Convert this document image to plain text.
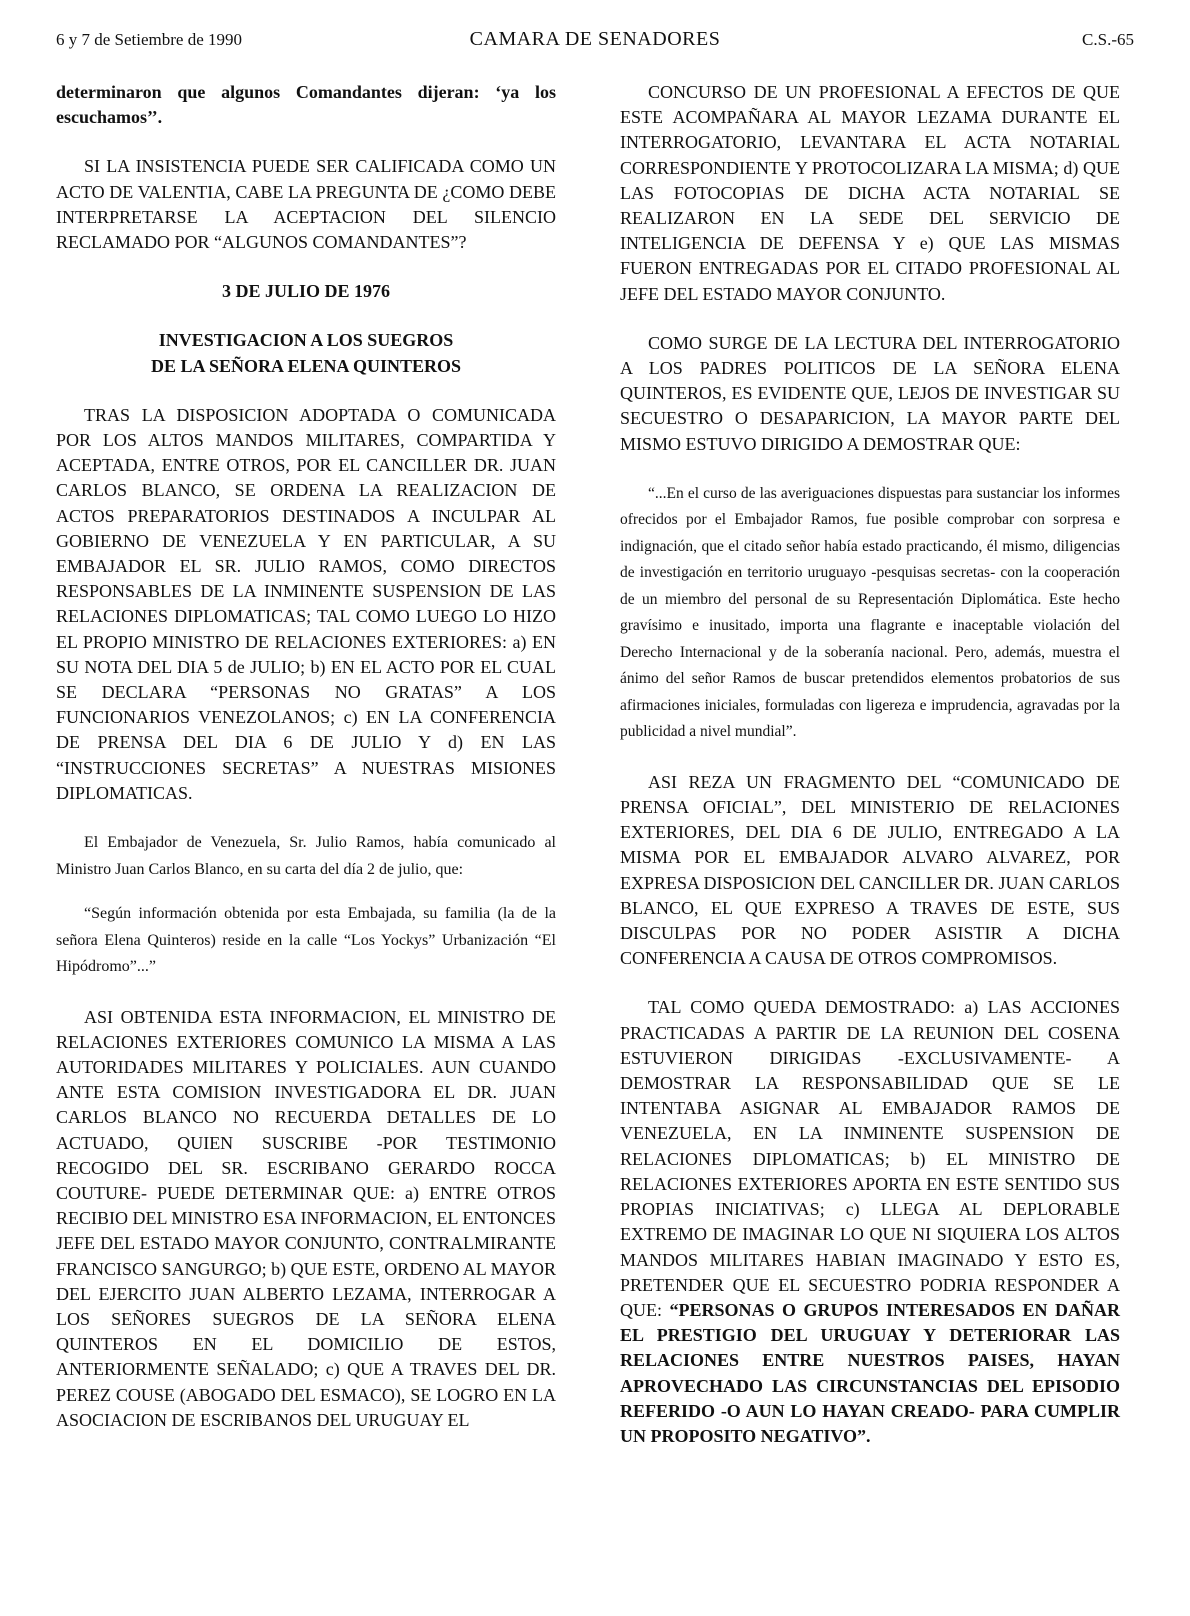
6 y 7 de Setiembre de 1990	CAMARA DE SENADORES	C.S.-65

determinaron que algunos Comandantes dijeran: ‘ya los escuchamos’’.

SI LA INSISTENCIA PUEDE SER CALIFICADA COMO UN ACTO DE VALENTIA, CABE LA PREGUNTA DE ¿COMO DEBE INTERPRETARSE LA ACEPTACION DEL SILENCIO RECLAMADO POR “ALGUNOS COMANDANTES”?

3 DE JULIO DE 1976

INVESTIGACION A LOS SUEGROS

DE LA SEÑORA ELENA QUINTEROS

TRAS LA DISPOSICION ADOPTADA O COMUNICADA POR LOS ALTOS MANDOS MILITARES, COMPARTIDA Y ACEPTADA, ENTRE OTROS, POR EL CANCILLER DR. JUAN CARLOS BLANCO, SE ORDENA LA REALIZACION DE ACTOS PREPARATORIOS DESTINADOS A INCULPAR AL GOBIERNO DE VENEZUELA Y EN PARTICULAR, A SU EMBAJADOR EL SR. JULIO RAMOS, COMO DIRECTOS RESPONSABLES DE LA INMINENTE SUSPENSION DE LAS RELACIONES DIPLOMATICAS; TAL COMO LUEGO LO HIZO EL PROPIO MINISTRO DE RELACIONES EXTERIORES: a) EN SU NOTA DEL DIA 5 de JULIO; b) EN EL ACTO POR EL CUAL SE DECLARA “PERSONAS NO GRATAS” A LOS FUNCIONARIOS VENEZOLANOS; c) EN LA CONFERENCIA DE PRENSA DEL DIA 6 DE JULIO Y d) EN LAS “INSTRUCCIONES SECRETAS” A NUESTRAS MISIONES DIPLOMATICAS.

El Embajador de Venezuela, Sr. Julio Ramos, había comunicado al Ministro Juan Carlos Blanco, en su carta del día 2 de julio, que:

“Según información obtenida por esta Embajada, su familia (la de la señora Elena Quinteros) reside en la calle “Los Yockys” Urbanización “El Hipódromo”...”

ASI OBTENIDA ESTA INFORMACION, EL MINISTRO DE RELACIONES EXTERIORES COMUNICO LA MISMA A LAS AUTORIDADES MILITARES Y POLICIALES. AUN CUANDO ANTE ESTA COMISION INVESTIGADORA EL DR. JUAN CARLOS BLANCO NO RECUERDA DETALLES DE LO ACTUADO, QUIEN SUSCRIBE -POR TESTIMONIO RECOGIDO DEL SR. ESCRIBANO GERARDO ROCCA COUTURE- PUEDE DETERMINAR QUE: a) ENTRE OTROS RECIBIO DEL MINISTRO ESA INFORMACION, EL ENTONCES JEFE DEL ESTADO MAYOR CONJUNTO, CONTRALMIRANTE FRANCISCO SANGURGO; b) QUE ESTE, ORDENO AL MAYOR DEL EJERCITO JUAN ALBERTO LEZAMA, INTERROGAR A LOS SEÑORES SUEGROS DE LA SEÑORA ELENA QUINTEROS EN EL DOMICILIO DE ESTOS, ANTERIORMENTE SEÑALADO; c) QUE A TRAVES DEL DR. PEREZ COUSE (ABOGADO DEL ESMACO), SE LOGRO EN LA ASOCIACION DE ESCRIBANOS DEL URUGUAY EL

CONCURSO DE UN PROFESIONAL A EFECTOS DE QUE ESTE ACOMPAÑARA AL MAYOR LEZAMA DURANTE EL INTERROGATORIO, LEVANTARA EL ACTA NOTARIAL CORRESPONDIENTE Y PROTOCOLIZARA LA MISMA; d) QUE LAS FOTOCOPIAS DE DICHA ACTA NOTARIAL SE REALIZARON EN LA SEDE DEL SERVICIO DE INTELIGENCIA DE DEFENSA Y e) QUE LAS MISMAS FUERON ENTREGADAS POR EL CITADO PROFESIONAL AL JEFE DEL ESTADO MAYOR CONJUNTO.

COMO SURGE DE LA LECTURA DEL INTERROGATORIO A LOS PADRES POLITICOS DE LA SEÑORA ELENA QUINTEROS, ES EVIDENTE QUE, LEJOS DE INVESTIGAR SU SECUESTRO O DESAPARICION, LA MAYOR PARTE DEL MISMO ESTUVO DIRIGIDO A DEMOSTRAR QUE:

“...En el curso de las averiguaciones dispuestas para sustanciar los informes ofrecidos por el Embajador Ramos, fue posible comprobar con sorpresa e indignación, que el citado señor había estado practicando, él mismo, diligencias de investigación en territorio uruguayo -pesquisas secretas- con la cooperación de un miembro del personal de su Representación Diplomática. Este hecho gravísimo e inusitado, importa una flagrante e inaceptable violación del Derecho Internacional y de la soberanía nacional. Pero, además, muestra el ánimo del señor Ramos de buscar pretendidos elementos probatorios de sus afirmaciones iniciales, formuladas con ligereza e imprudencia, agravadas por la publicidad a nivel mundial”.

ASI REZA UN FRAGMENTO DEL “COMUNICADO DE PRENSA OFICIAL”, DEL MINISTERIO DE RELACIONES EXTERIORES, DEL DIA 6 DE JULIO, ENTREGADO A LA MISMA POR EL EMBAJADOR ALVARO ALVAREZ, POR EXPRESA DISPOSICION DEL CANCILLER DR. JUAN CARLOS BLANCO, EL QUE EXPRESO A TRAVES DE ESTE, SUS DISCULPAS POR NO PODER ASISTIR A DICHA CONFERENCIA A CAUSA DE OTROS COMPROMISOS.

TAL COMO QUEDA DEMOSTRADO: a) LAS ACCIONES PRACTICADAS A PARTIR DE LA REUNION DEL COSENA ESTUVIERON DIRIGIDAS -EXCLUSIVAMENTE- A DEMOSTRAR LA RESPONSABILIDAD QUE SE LE INTENTABA ASIGNAR AL EMBAJADOR RAMOS DE VENEZUELA, EN LA INMINENTE SUSPENSION DE RELACIONES DIPLOMATICAS; b) EL MINISTRO DE RELACIONES EXTERIORES APORTA EN ESTE SENTIDO SUS PROPIAS INICIATIVAS; c) LLEGA AL DEPLORABLE EXTREMO DE IMAGINAR LO QUE NI SIQUIERA LOS ALTOS MANDOS MILITARES HABIAN IMAGINADO Y ESTO ES, PRETENDER QUE EL SECUESTRO PODRIA RESPONDER A QUE: “PERSONAS O GRUPOS INTERESADOS EN DAÑAR EL PRESTIGIO DEL URUGUAY Y DETERIORAR LAS RELACIONES ENTRE NUESTROS PAISES, HAYAN APROVECHADO LAS CIRCUNSTANCIAS DEL EPISODIO REFERIDO -O AUN LO HAYAN CREADO- PARA CUMPLIR UN PROPOSITO NEGATIVO”.
